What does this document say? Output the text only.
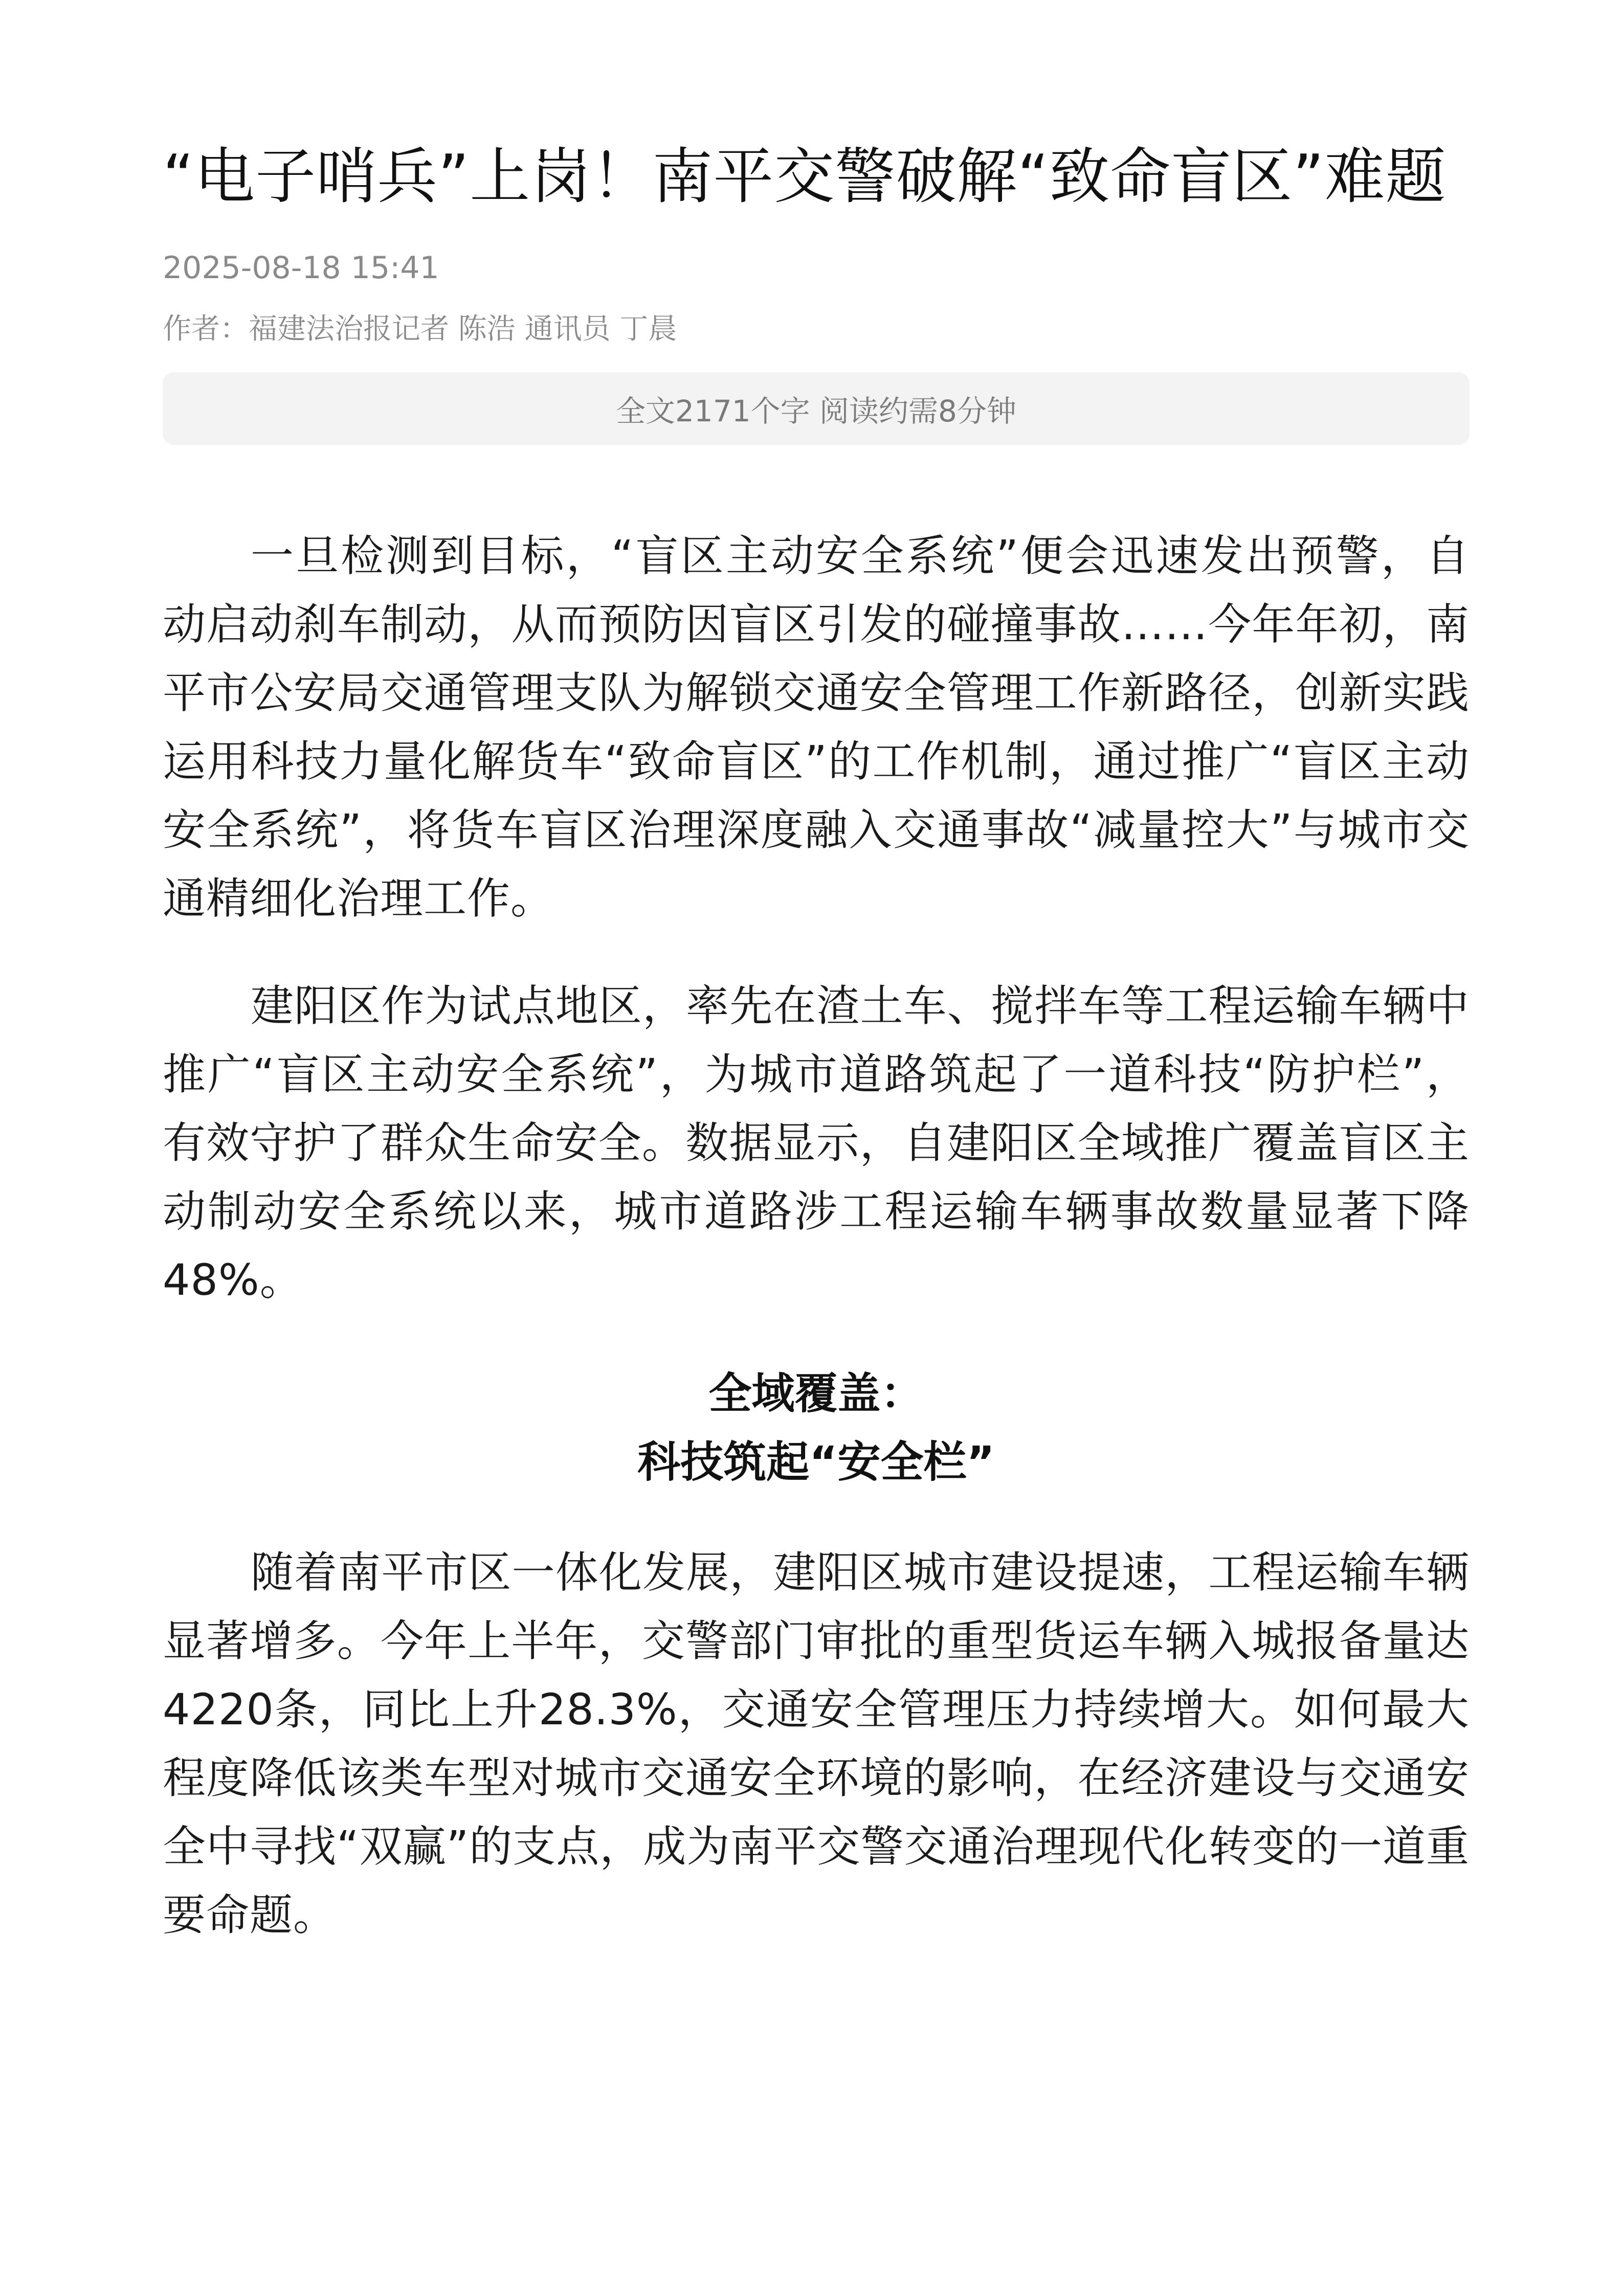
“电子哨兵”上岗！南平交警破解“致命盲区”难题
2025-08-18 15:41
作者：福建法治报记者 陈浩 通讯员 丁晨
全文2171个字 阅读约需8分钟

一旦检测到目标，“盲区主动安全系统”便会迅速发出预警，自动启动刹车制动，从而预防因盲区引发的碰撞事故……今年年初，南平市公安局交通管理支队为解锁交通安全管理工作新路径，创新实践运用科技力量化解货车“致命盲区”的工作机制，通过推广“盲区主动安全系统”，将货车盲区治理深度融入交通事故“减量控大”与城市交通精细化治理工作。

建阳区作为试点地区，率先在渣土车、搅拌车等工程运输车辆中推广“盲区主动安全系统”，为城市道路筑起了一道科技“防护栏”，有效守护了群众生命安全。数据显示，自建阳区全域推广覆盖盲区主动制动安全系统以来，城市道路涉工程运输车辆事故数量显著下降48%。

全域覆盖：
科技筑起“安全栏”

随着南平市区一体化发展，建阳区城市建设提速，工程运输车辆显著增多。今年上半年，交警部门审批的重型货运车辆入城报备量达4220条，同比上升28.3%，交通安全管理压力持续增大。如何最大程度降低该类车型对城市交通安全环境的影响，在经济建设与交通安全中寻找“双赢”的支点，成为南平交警交通治理现代化转变的一道重要命题。
